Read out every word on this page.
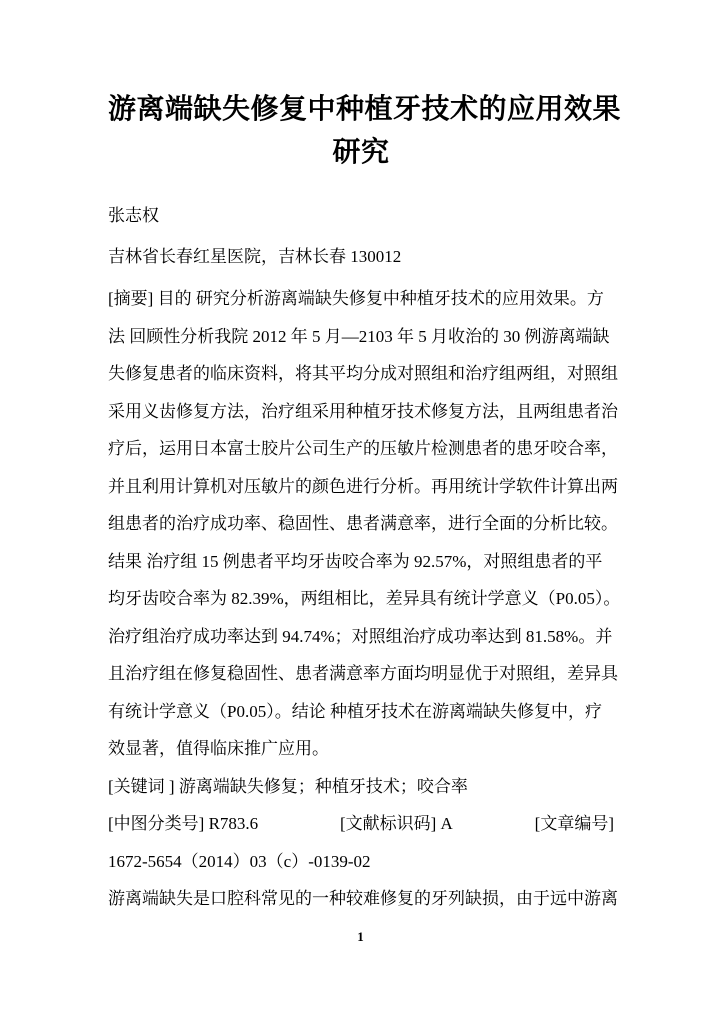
游离端缺失修复中种植牙技术的应用效果
研究
张志权
吉林省长春红星医院，吉林长春 130012
[摘要] 目的 研究分析游离端缺失修复中种植牙技术的应用效果。方
法 回顾性分析我院 2012 年 5 月—2103 年 5 月收治的 30 例游离端缺
失修复患者的临床资料，将其平均分成对照组和治疗组两组，对照组
采用义齿修复方法，治疗组采用种植牙技术修复方法，且两组患者治
疗后，运用日本富士胶片公司生产的压敏片检测患者的患牙咬合率，
并且利用计算机对压敏片的颜色进行分析。再用统计学软件计算出两
组患者的治疗成功率、稳固性、患者满意率，进行全面的分析比较。
结果 治疗组 15 例患者平均牙齿咬合率为 92.57%，对照组患者的平
均牙齿咬合率为 82.39%，两组相比，差异具有统计学意义（P0.05）。
治疗组治疗成功率达到 94.74%；对照组治疗成功率达到 81.58%。并
且治疗组在修复稳固性、患者满意率方面均明显优于对照组，差异具
有统计学意义（P0.05）。结论 种植牙技术在游离端缺失修复中，疗
效显著，值得临床推广应用。
[关键词 ] 游离端缺失修复；种植牙技术；咬合率
[中图分类号] R783.6	[文献标识码] A	[文章编号]
1672-5654（2014）03（c）-0139-02
游离端缺失是口腔科常见的一种较难修复的牙列缺损，由于远中游离
1
